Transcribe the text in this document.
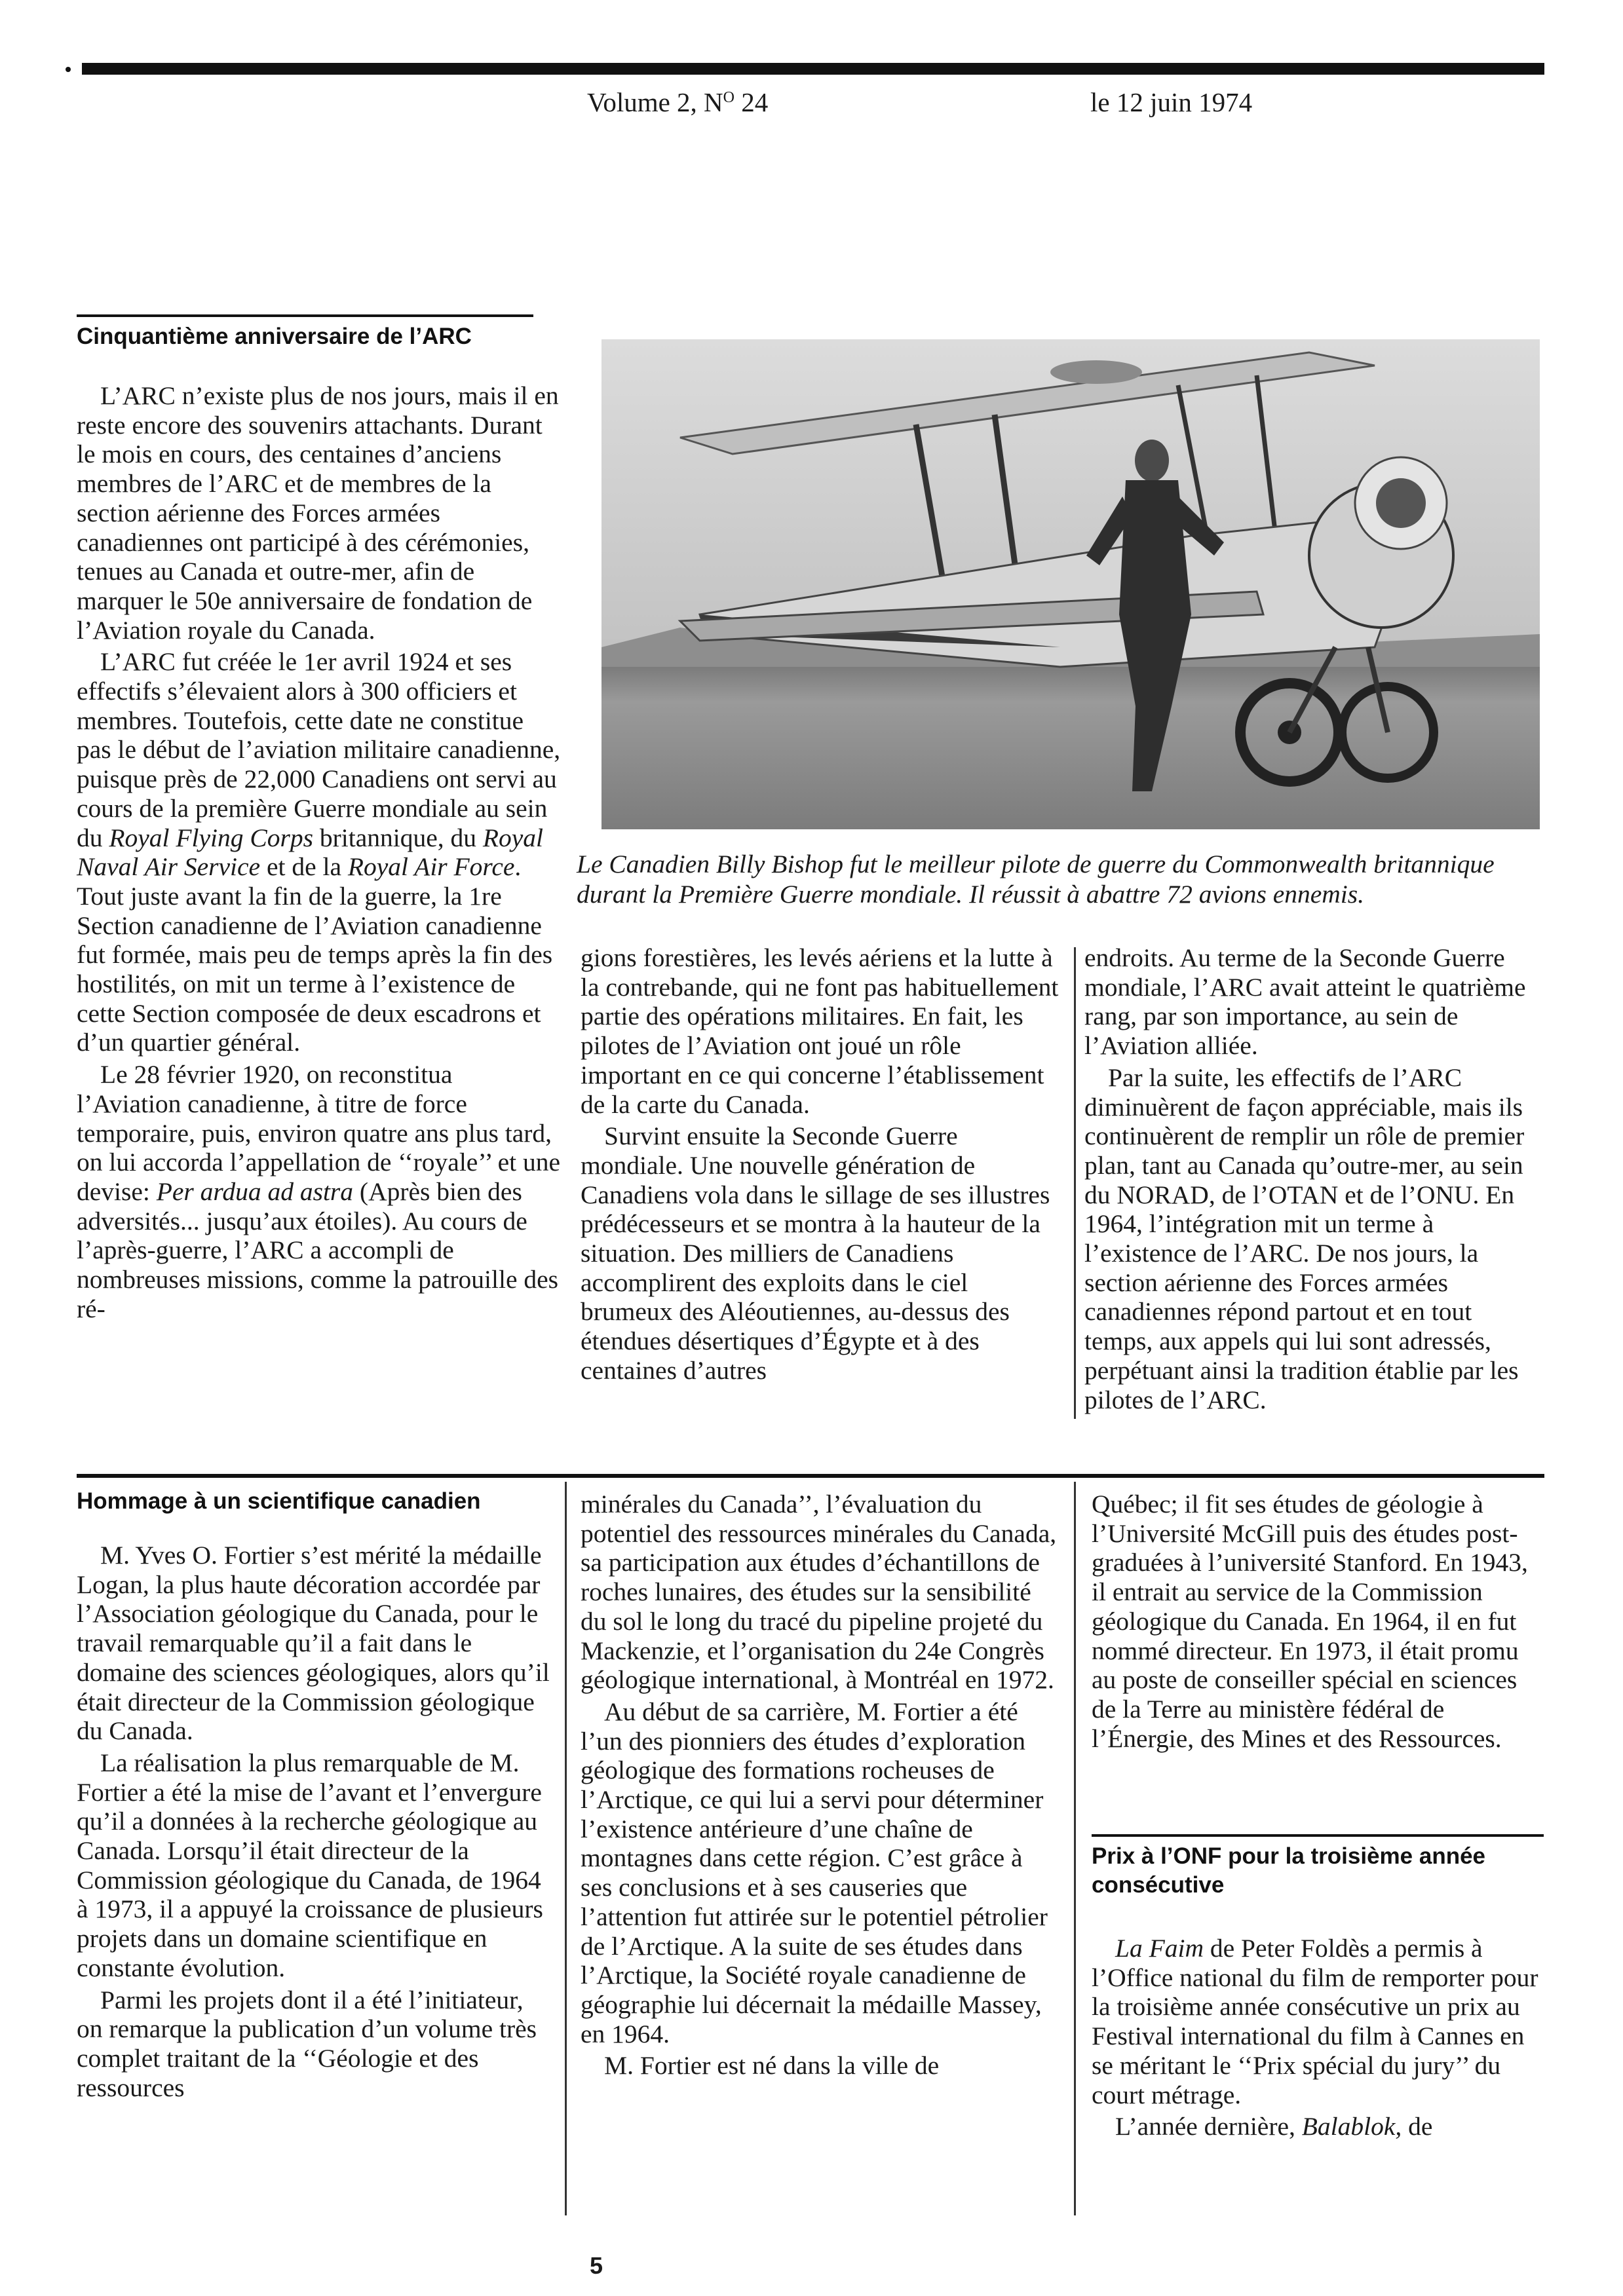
Volume 2, $N^O$ 24	le 12 juin 1974
Cinquantième anniversaire de l’ARC

L’ARC n’existe plus de nos jours, mais il en reste encore des souvenirs attachants. Durant le mois en cours, des centaines d’anciens membres de l’ARC et de membres de la section aérienne des Forces armées canadiennes ont participé à des cérémonies, tenues au Canada et outre-mer, afin de marquer le 50e anniversaire de fondation de l’Aviation royale du Canada.

L’ARC fut créée le 1er avril 1924 et ses effectifs s’élevaient alors à 300 officiers et membres. Toutefois, cette date ne constitue pas le début de l’aviation militaire canadienne, puisque près de 22,000 Canadiens ont servi au cours de la première Guerre mondiale au sein du Royal Flying Corps britannique, du Royal Naval Air Service et de la Royal Air Force. Tout juste avant la fin de la guerre, la 1re Section canadienne de l’Aviation canadienne fut formée, mais peu de temps après la fin des hostilités, on mit un terme à l’existence de cette Section composée de deux escadrons et d’un quartier général.

Le 28 février 1920, on reconstitua l’Aviation canadienne, à titre de force temporaire, puis, environ quatre ans plus tard, on lui accorda l’appellation de ‘‘royale’’ et une devise: Per ardua ad astra (Après bien des adversités... jusqu’aux étoiles). Au cours de l’après-guerre, l’ARC a accompli de nombreuses missions, comme la patrouille des ré-

Le Canadien Billy Bishop fut le meilleur pilote de guerre du Commonwealth britannique durant la Première Guerre mondiale. Il réussit à abattre 72 avions ennemis.

gions forestières, les levés aériens et la lutte à la contrebande, qui ne font pas habituellement partie des opérations militaires. En fait, les pilotes de l’Aviation ont joué un rôle important en ce qui concerne l’établissement de la carte du Canada.

Survint ensuite la Seconde Guerre mondiale. Une nouvelle génération de Canadiens vola dans le sillage de ses illustres prédécesseurs et se montra à la hauteur de la situation. Des milliers de Canadiens accomplirent des exploits dans le ciel brumeux des Aléoutiennes, au-dessus des étendues désertiques d’Égypte et à des centaines d’autres

endroits. Au terme de la Seconde Guerre mondiale, l’ARC avait atteint le quatrième rang, par son importance, au sein de l’Aviation alliée.

Par la suite, les effectifs de l’ARC diminuèrent de façon appréciable, mais ils continuèrent de remplir un rôle de premier plan, tant au Canada qu’outre-mer, au sein du NORAD, de l’OTAN et de l’ONU. En 1964, l’intégration mit un terme à l’existence de l’ARC. De nos jours, la section aérienne des Forces armées canadiennes répond partout et en tout temps, aux appels qui lui sont adressés, perpétuant ainsi la tradition établie par les pilotes de l’ARC.

Hommage à un scientifique canadien

M. Yves O. Fortier s’est mérité la médaille Logan, la plus haute décoration accordée par l’Association géologique du Canada, pour le travail remarquable qu’il a fait dans le domaine des sciences géologiques, alors qu’il était directeur de la Commission géologique du Canada.

La réalisation la plus remarquable de M. Fortier a été la mise de l’avant et l’envergure qu’il a données à la recherche géologique au Canada. Lorsqu’il était directeur de la Commission géologique du Canada, de 1964 à 1973, il a appuyé la croissance de plusieurs projets dans un domaine scientifique en constante évolution.

Parmi les projets dont il a été l’initiateur, on remarque la publication d’un volume très complet traitant de la ‘‘Géologie et des ressources

minérales du Canada’’, l’évaluation du potentiel des ressources minérales du Canada, sa participation aux études d’échantillons de roches lunaires, des études sur la sensibilité du sol le long du tracé du pipeline projeté du Mackenzie, et l’organisation du 24e Congrès géologique international, à Montréal en 1972.

Au début de sa carrière, M. Fortier a été l’un des pionniers des études d’exploration géologique des formations rocheuses de l’Arctique, ce qui lui a servi pour déterminer l’existence antérieure d’une chaîne de montagnes dans cette région. C’est grâce à ses conclusions et à ses causeries que l’attention fut attirée sur le potentiel pétrolier de l’Arctique. A la suite de ses études dans l’Arctique, la Société royale canadienne de géographie lui décernait la médaille Massey, en 1964.

M. Fortier est né dans la ville de

Québec; il fit ses études de géologie à l’Université McGill puis des études post-graduées à l’université Stanford. En 1943, il entrait au service de la Commission géologique du Canada. En 1964, il en fut nommé directeur. En 1973, il était promu au poste de conseiller spécial en sciences de la Terre au ministère fédéral de l’Énergie, des Mines et des Ressources.

Prix à l’ONF pour la troisième année consécutive

La Faim de Peter Foldès a permis à l’Office national du film de remporter pour la troisième année consécutive un prix au Festival international du film à Cannes en se méritant le ‘‘Prix spécial du jury’’ du court métrage.

L’année dernière, Balablok, de

5
